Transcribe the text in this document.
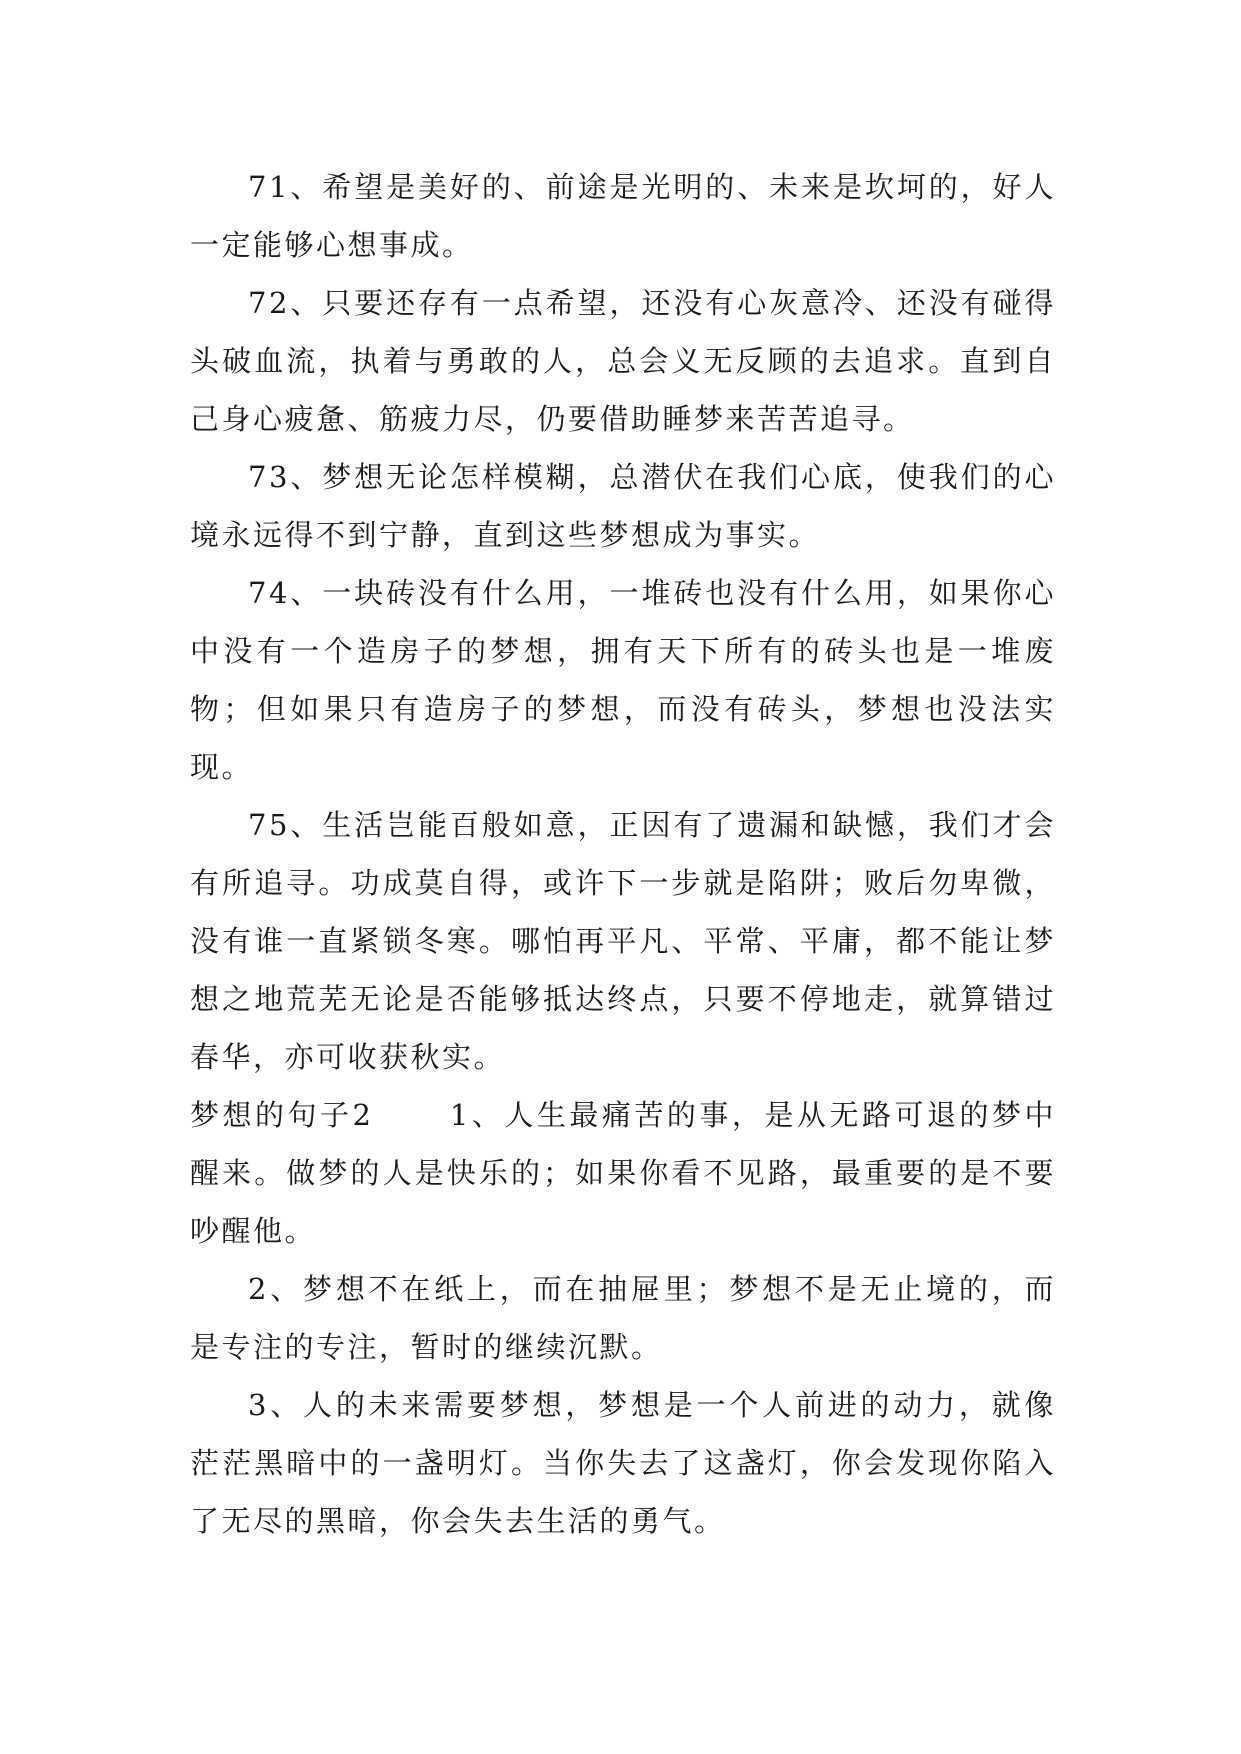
71、希望是美好的、前途是光明的、未来是坎坷的，好人一定能够心想事成。

72、只要还存有一点希望，还没有心灰意冷、还没有碰得头破血流，执着与勇敢的人，总会义无反顾的去追求。直到自己身心疲惫、筋疲力尽，仍要借助睡梦来苦苦追寻。

73、梦想无论怎样模糊，总潜伏在我们心底，使我们的心境永远得不到宁静，直到这些梦想成为事实。

74、一块砖没有什么用，一堆砖也没有什么用，如果你心中没有一个造房子的梦想，拥有天下所有的砖头也是一堆废物；但如果只有造房子的梦想，而没有砖头，梦想也没法实现。

75、生活岂能百般如意，正因有了遗漏和缺憾，我们才会有所追寻。功成莫自得，或许下一步就是陷阱；败后勿卑微，没有谁一直紧锁冬寒。哪怕再平凡、平常、平庸，都不能让梦想之地荒芜无论是否能够抵达终点，只要不停地走，就算错过春华，亦可收获秋实。

梦想的句子2	1、人生最痛苦的事，是从无路可退的梦中醒来。做梦的人是快乐的；如果你看不见路，最重要的是不要吵醒他。

2、梦想不在纸上，而在抽屉里；梦想不是无止境的，而是专注的专注，暂时的继续沉默。

3、人的未来需要梦想，梦想是一个人前进的动力，就像茫茫黑暗中的一盏明灯。当你失去了这盏灯，你会发现你陷入了无尽的黑暗，你会失去生活的勇气。
